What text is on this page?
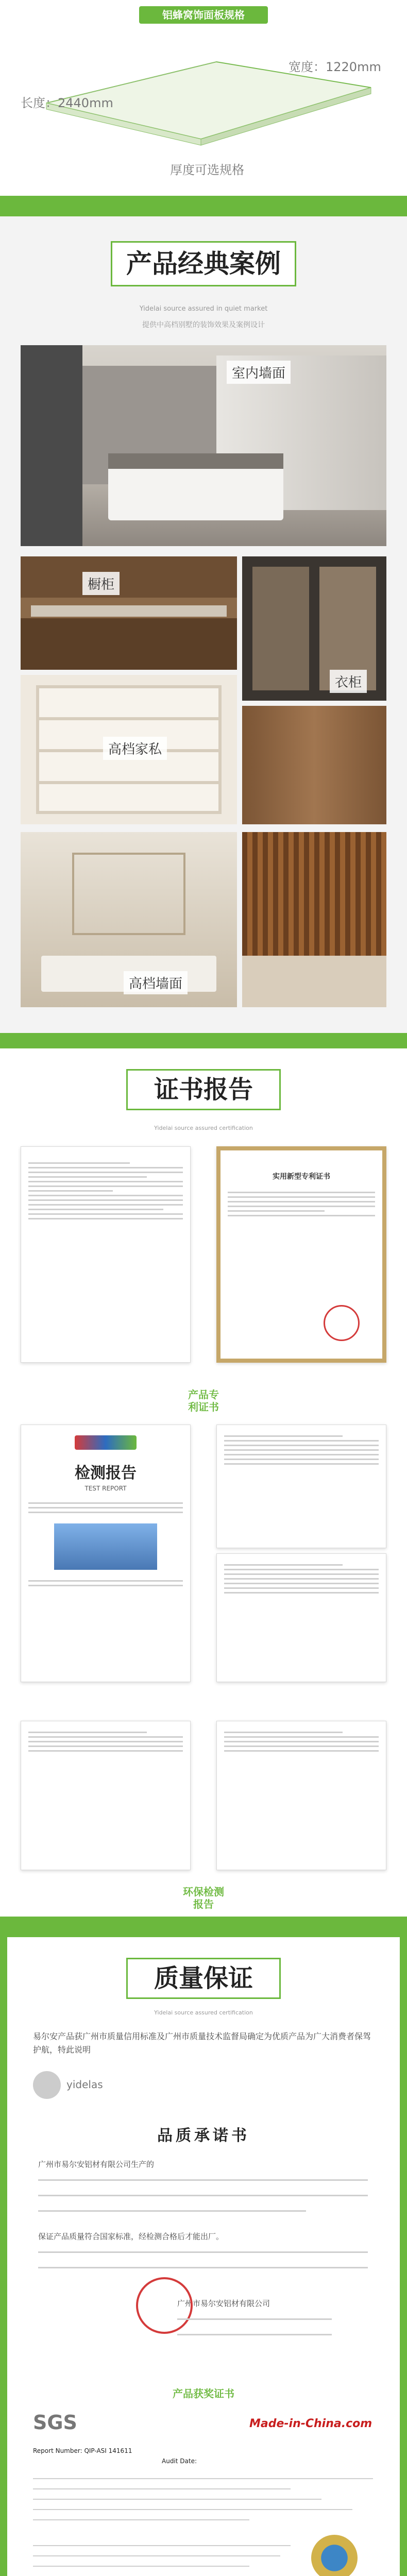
铝蜂窝饰面板规格
宽度：1220mm
长度：2440mm
厚度可选规格
产品经典案例
Yidelai source assured in quiet market
提供中高档别墅的装饰效果及案例设计
室内墙面
橱柜
衣柜
高档家私
高档墙面
证书报告
Yidelai source assured certification
实用新型专利证书
产品专利证书
检测报告
TEST REPORT
环保检测报告
质量保证
Yidelai source assured certification
易尔安产品获广州市质量信用标准及广州市质量技术监督局确定为优质产品为广大消费者保驾护航，特此说明
yidelas
品质承诺书
广州市易尔安铝材有限公司生产的
保证产品质量符合国家标准，经检测合格后才能出厂。
广州市易尔安铝材有限公司
产品获奖证书
SGS	Made-in-China.com
Report Number: QIP-ASI 141611
Audit Date:
